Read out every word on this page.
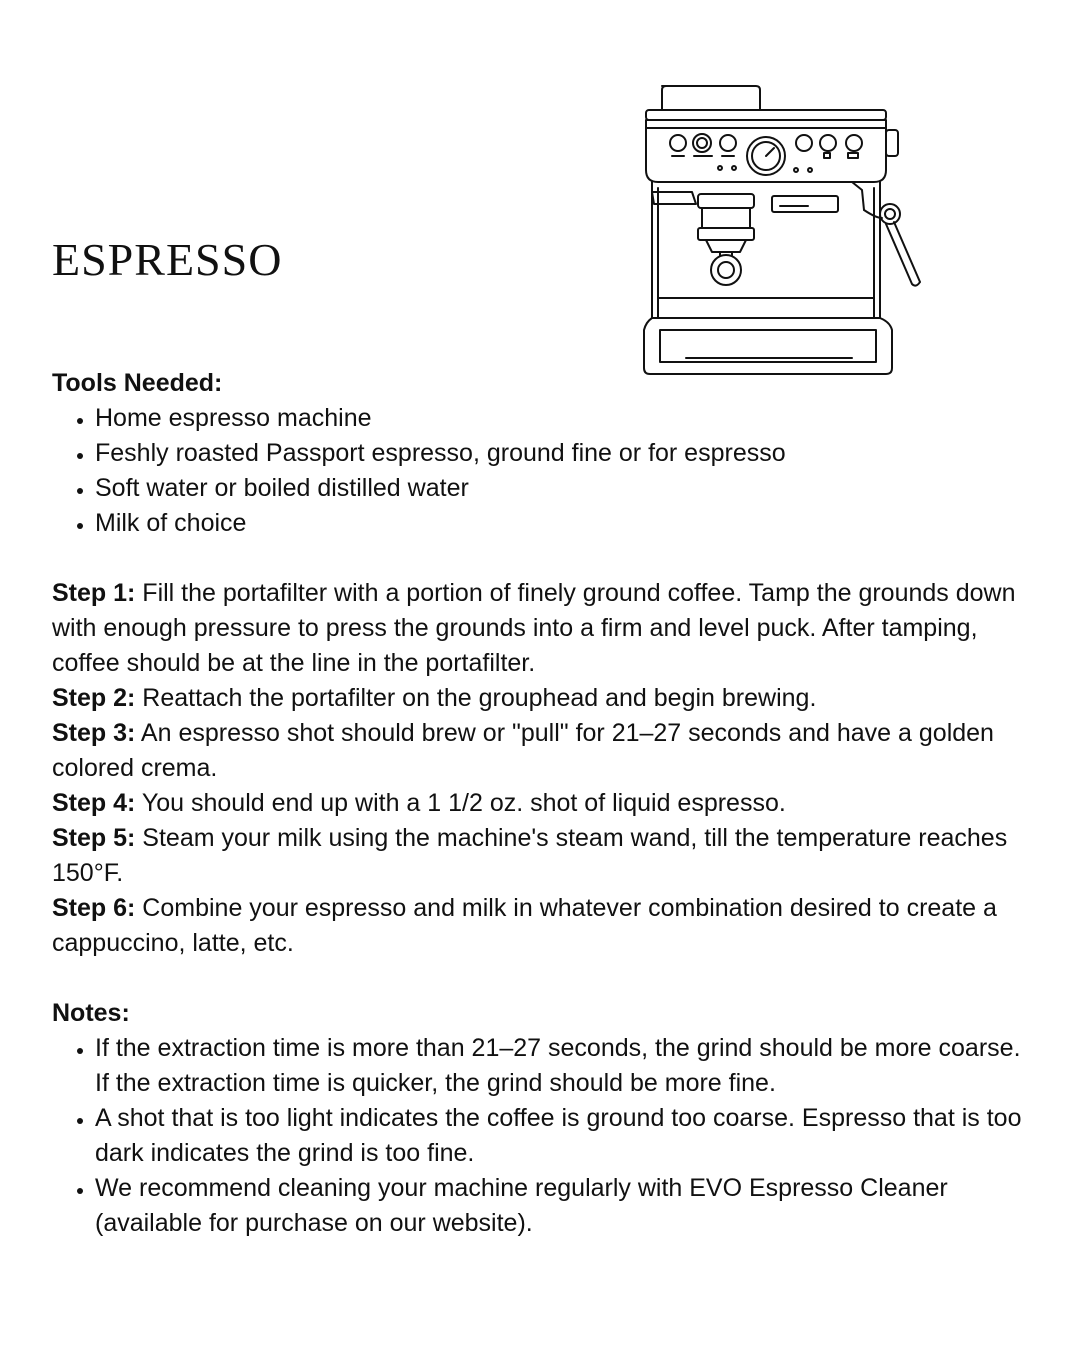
ESPRESSO

Tools Needed:

• Home espresso machine
• Feshly roasted Passport espresso, ground fine or for espresso
• Soft water or boiled distilled water
• Milk of choice

Step 1: Fill the portafilter with a portion of finely ground coffee. Tamp the grounds down with enough pressure to press the grounds into a firm and level puck. After tamping, coffee should be at the line in the portafilter.

Step 2: Reattach the portafilter on the grouphead and begin brewing.

Step 3: An espresso shot should brew or "pull" for 21–27 seconds and have a golden colored crema.

Step 4: You should end up with a 1 1/2 oz. shot of liquid espresso.

Step 5: Steam your milk using the machine's steam wand, till the temperature reaches 150°F.

Step 6: Combine your espresso and milk in whatever combination desired to create a cappuccino, latte, etc.

Notes:

• If the extraction time is more than 21–27 seconds, the grind should be more coarse. If the extraction time is quicker, the grind should be more fine.
• A shot that is too light indicates the coffee is ground too coarse. Espresso that is too dark indicates the grind is too fine.
• We recommend cleaning your machine regularly with EVO Espresso Cleaner (available for purchase on our website).
